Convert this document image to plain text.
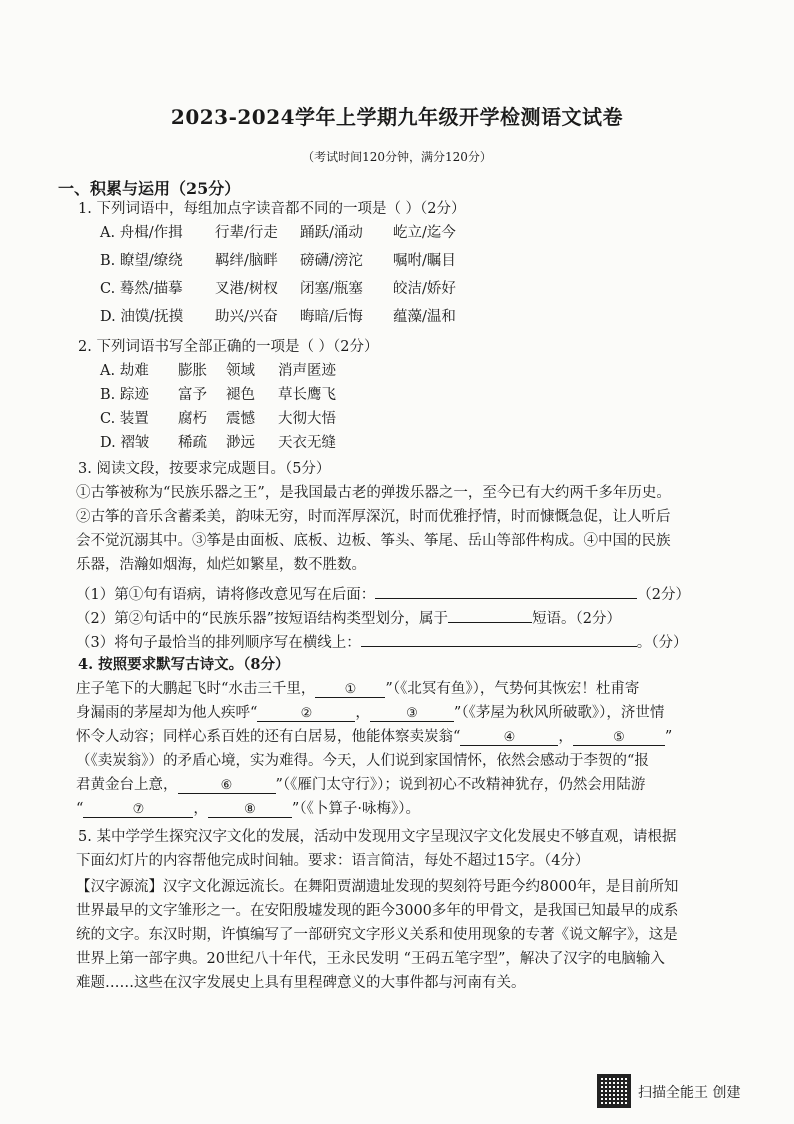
2023-2024学年上学期九年级开学检测语文试卷
（考试时间120分钟，满分120分）
一、积累与运用（25分）
1. 下列词语中，每组加点字读音都不同的一项是（ ）（2分）
A. 舟楫/作揖 行辈/行走 踊跃/涌动 屹立/迄今
B. 瞭望/缭绕 羁绊/脑畔 磅礴/滂沱 嘱咐/瞩目
C. 蓦然/描摹 叉港/树杈 闭塞/瓶塞 皎洁/娇好
D. 油馍/抚摸 助兴/兴奋 晦暗/后悔 蕴藻/温和
2. 下列词语书写全部正确的一项是（ ）（2分）
A. 劫难 膨胀 领域 消声匿迹
B. 踪迹 富予 褪色 草长鹰飞
C. 装置 腐朽 震憾 大彻大悟
D. 褶皱 稀疏 渺远 天衣无缝
3. 阅读文段，按要求完成题目。（5分）
①古筝被称为“民族乐器之王”，是我国最古老的弹拨乐器之一，至今已有大约两千多年历史。
②古筝的音乐含蓄柔美，韵味无穷，时而浑厚深沉，时而优雅抒情，时而慷慨急促，让人听后
会不觉沉溺其中。③筝是由面板、底板、边板、筝头、筝尾、岳山等部件构成。④中国的民族
乐器，浩瀚如烟海，灿烂如繁星，数不胜数。
（1）第①句有语病，请将修改意见写在后面：	（2分）
（2）第②句话中的“民族乐器”按短语结构类型划分，属于	短语。（2分）
（3）将句子最恰当的排列顺序写在横线上：	。（分）
4. 按照要求默写古诗文。（8分）
庄子笔下的大鹏起飞时“水击三千里， ① ”（《北冥有鱼》），气势何其恢宏！杜甫寄
身漏雨的茅屋却为他人疾呼“	②	，	③ ”（《茅屋为秋风所破歌》），济世情
怀令人动容；同样心系百姓的还有白居易，他能体察卖炭翁“	④	，	⑤	”
（《卖炭翁》）的矛盾心境，实为难得。今天，人们说到家国情怀，依然会感动于李贺的“报
君黄金台上意，	⑥	”（《雁门太守行》）；说到初心不改精神犹存，仍然会用陆游
“	⑦	，	⑧ ”（《卜算子·咏梅》）。
5. 某中学学生探究汉字文化的发展，活动中发现用文字呈现汉字文化发展史不够直观，请根据
下面幻灯片的内容帮他完成时间轴。要求：语言简洁，每处不超过15字。（4分）
【汉字源流】汉字文化源远流长。在舞阳贾湖遗址发现的契刻符号距今约8000年，是目前所知
世界最早的文字雏形之一。在安阳殷墟发现的距今3000多年的甲骨文，是我国已知最早的成系
统的文字。东汉时期，许慎编写了一部研究文字形义关系和使用现象的专著《说文解字》，这是
世界上第一部字典。20世纪八十年代，王永民发明 “王码五笔字型”，解决了汉字的电脑输入
难题……这些在汉字发展史上具有里程碑意义的大事件都与河南有关。
扫描全能王 创建
